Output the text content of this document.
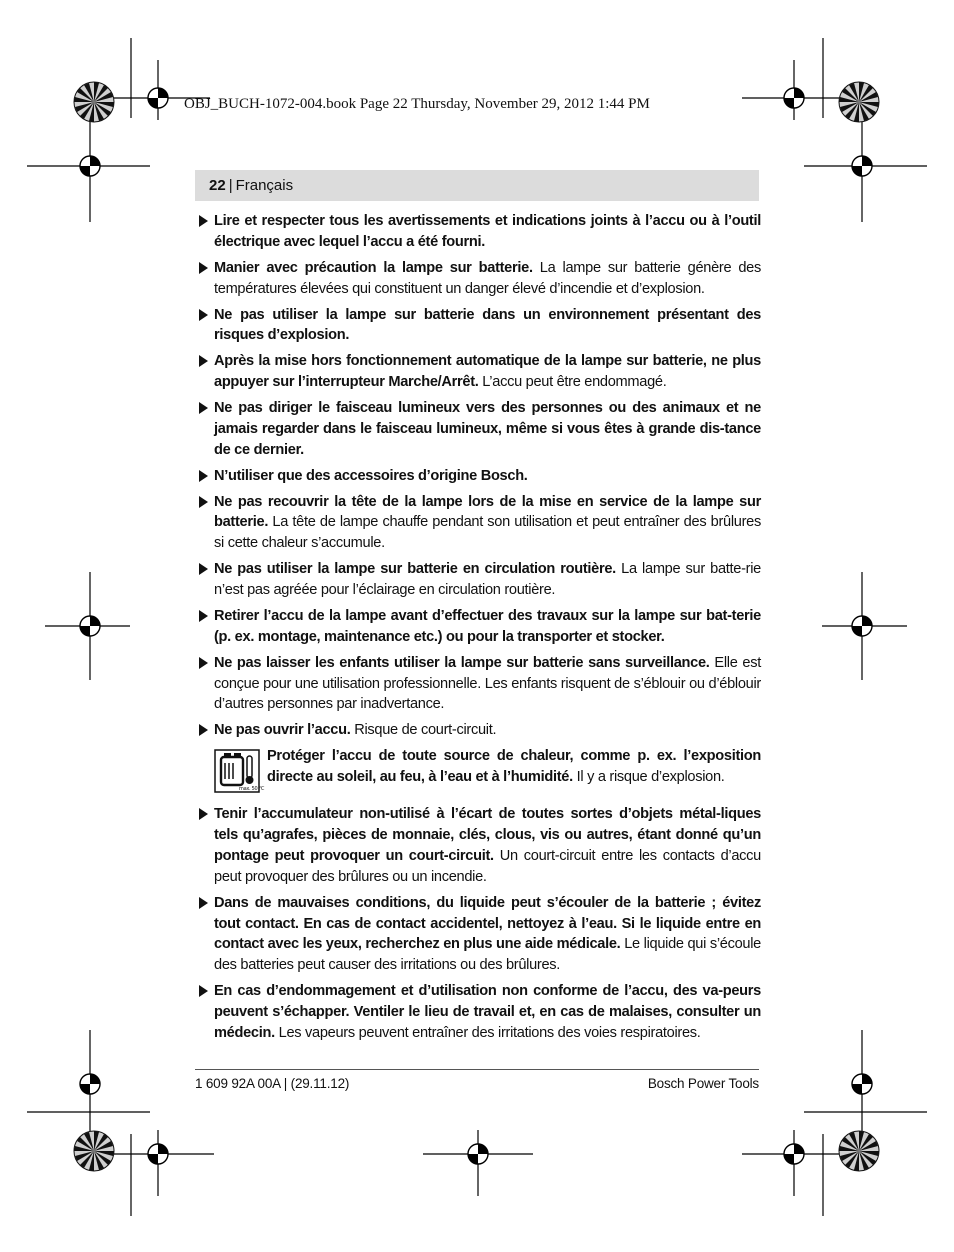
OBJ_BUCH-1072-004.book Page 22 Thursday, November 29, 2012 1:44 PM
22 | Français
Lire et respecter tous les avertissements et indications joints à l’accu ou à l’outil électrique avec lequel l’accu a été fourni.
Manier avec précaution la lampe sur batterie. La lampe sur batterie génère des températures élevées qui constituent un danger élevé d’incendie et d’explosion.
Ne pas utiliser la lampe sur batterie dans un environnement présentant des risques d’explosion.
Après la mise hors fonctionnement automatique de la lampe sur batterie, ne plus appuyer sur l’interrupteur Marche/Arrêt. L’accu peut être endommagé.
Ne pas diriger le faisceau lumineux vers des personnes ou des animaux et ne jamais regarder dans le faisceau lumineux, même si vous êtes à grande dis-tance de ce dernier.
N’utiliser que des accessoires d’origine Bosch.
Ne pas recouvrir la tête de la lampe lors de la mise en service de la lampe sur batterie. La tête de lampe chauffe pendant son utilisation et peut entraîner des brûlures si cette chaleur s’accumule.
Ne pas utiliser la lampe sur batterie en circulation routière. La lampe sur batte-rie n’est pas agréée pour l’éclairage en circulation routière.
Retirer l’accu de la lampe avant d’effectuer des travaux sur la lampe sur bat-terie (p. ex. montage, maintenance etc.) ou pour la transporter et stocker.
Ne pas laisser les enfants utiliser la lampe sur batterie sans surveillance. Elle est conçue pour une utilisation professionnelle. Les enfants risquent de s’éblouir ou d’éblouir d’autres personnes par inadvertance.
Ne pas ouvrir l’accu. Risque de court-circuit.
max. 50 °C
Protéger l’accu de toute source de chaleur, comme p. ex. l’exposition directe au soleil, au feu, à l’eau et à l’humidité. Il y a risque d’explosion.
Tenir l’accumulateur non-utilisé à l’écart de toutes sortes d’objets métal-liques tels qu’agrafes, pièces de monnaie, clés, clous, vis ou autres, étant donné qu’un pontage peut provoquer un court-circuit. Un court-circuit entre les contacts d’accu peut provoquer des brûlures ou un incendie.
Dans de mauvaises conditions, du liquide peut s’écouler de la batterie ; évitez tout contact. En cas de contact accidentel, nettoyez à l’eau. Si le liquide entre en contact avec les yeux, recherchez en plus une aide médicale. Le liquide qui s’écoule des batteries peut causer des irritations ou des brûlures.
En cas d’endommagement et d’utilisation non conforme de l’accu, des va-peurs peuvent s’échapper. Ventiler le lieu de travail et, en cas de malaises, consulter un médecin. Les vapeurs peuvent entraîner des irritations des voies respiratoires.
1 609 92A 00A | (29.11.12)	Bosch Power Tools
